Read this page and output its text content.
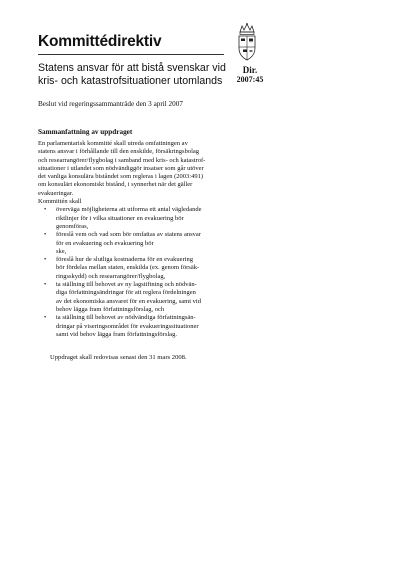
Kommittédirektiv
Statens ansvar för att bistå svenskar vid
kris- och katastrofsituationer utomlands
Dir.
2007:45
Beslut vid regeringssammanträde den 3 april 2007
Sammanfattning av uppdraget
En parlamentarisk kommitté skall utreda omfattningen av
statens ansvar i förhållande till den enskilde, försäkringsbolag
och researrangörer/flygbolag i samband med kris- och katastrof-
situationer i utlandet som nödvändiggör insatser som går utöver
det vanliga konsulära biståndet som regleras i lagen (2003:491)
om konsulärt ekonomiskt bistånd, i synnerhet när det gäller
evakueringar.
Kommittén skall
• överväga möjligheterna att utforma ett antal vägledande
riktlinjer för i vilka situationer en evakuering bör
genomföras,
• föreslå vem och vad som bör omfattas av statens ansvar
för en evakuering och evakuering bör
ske,
• föreslå hur de slutliga kostnaderna för en evakuering
bör fördelas mellan staten, enskilda (ex. genom försäk-
ringsskydd) och researrangörer/flygbolag,
• ta ställning till behovet av ny lagstiftning och nödvän-
diga författningsändringar för att reglera fördelningen
av det ekonomiska ansvaret för en evakuering, samt vid
behov lägga fram författningsförslag, och
• ta ställning till behovet av nödvändiga författningsän-
dringar på viseringsområdet för evakueringssituationer
samt vid behov lägga fram författningsförslag.
Uppdraget skall redovisas senast den 31 mars 2008.
